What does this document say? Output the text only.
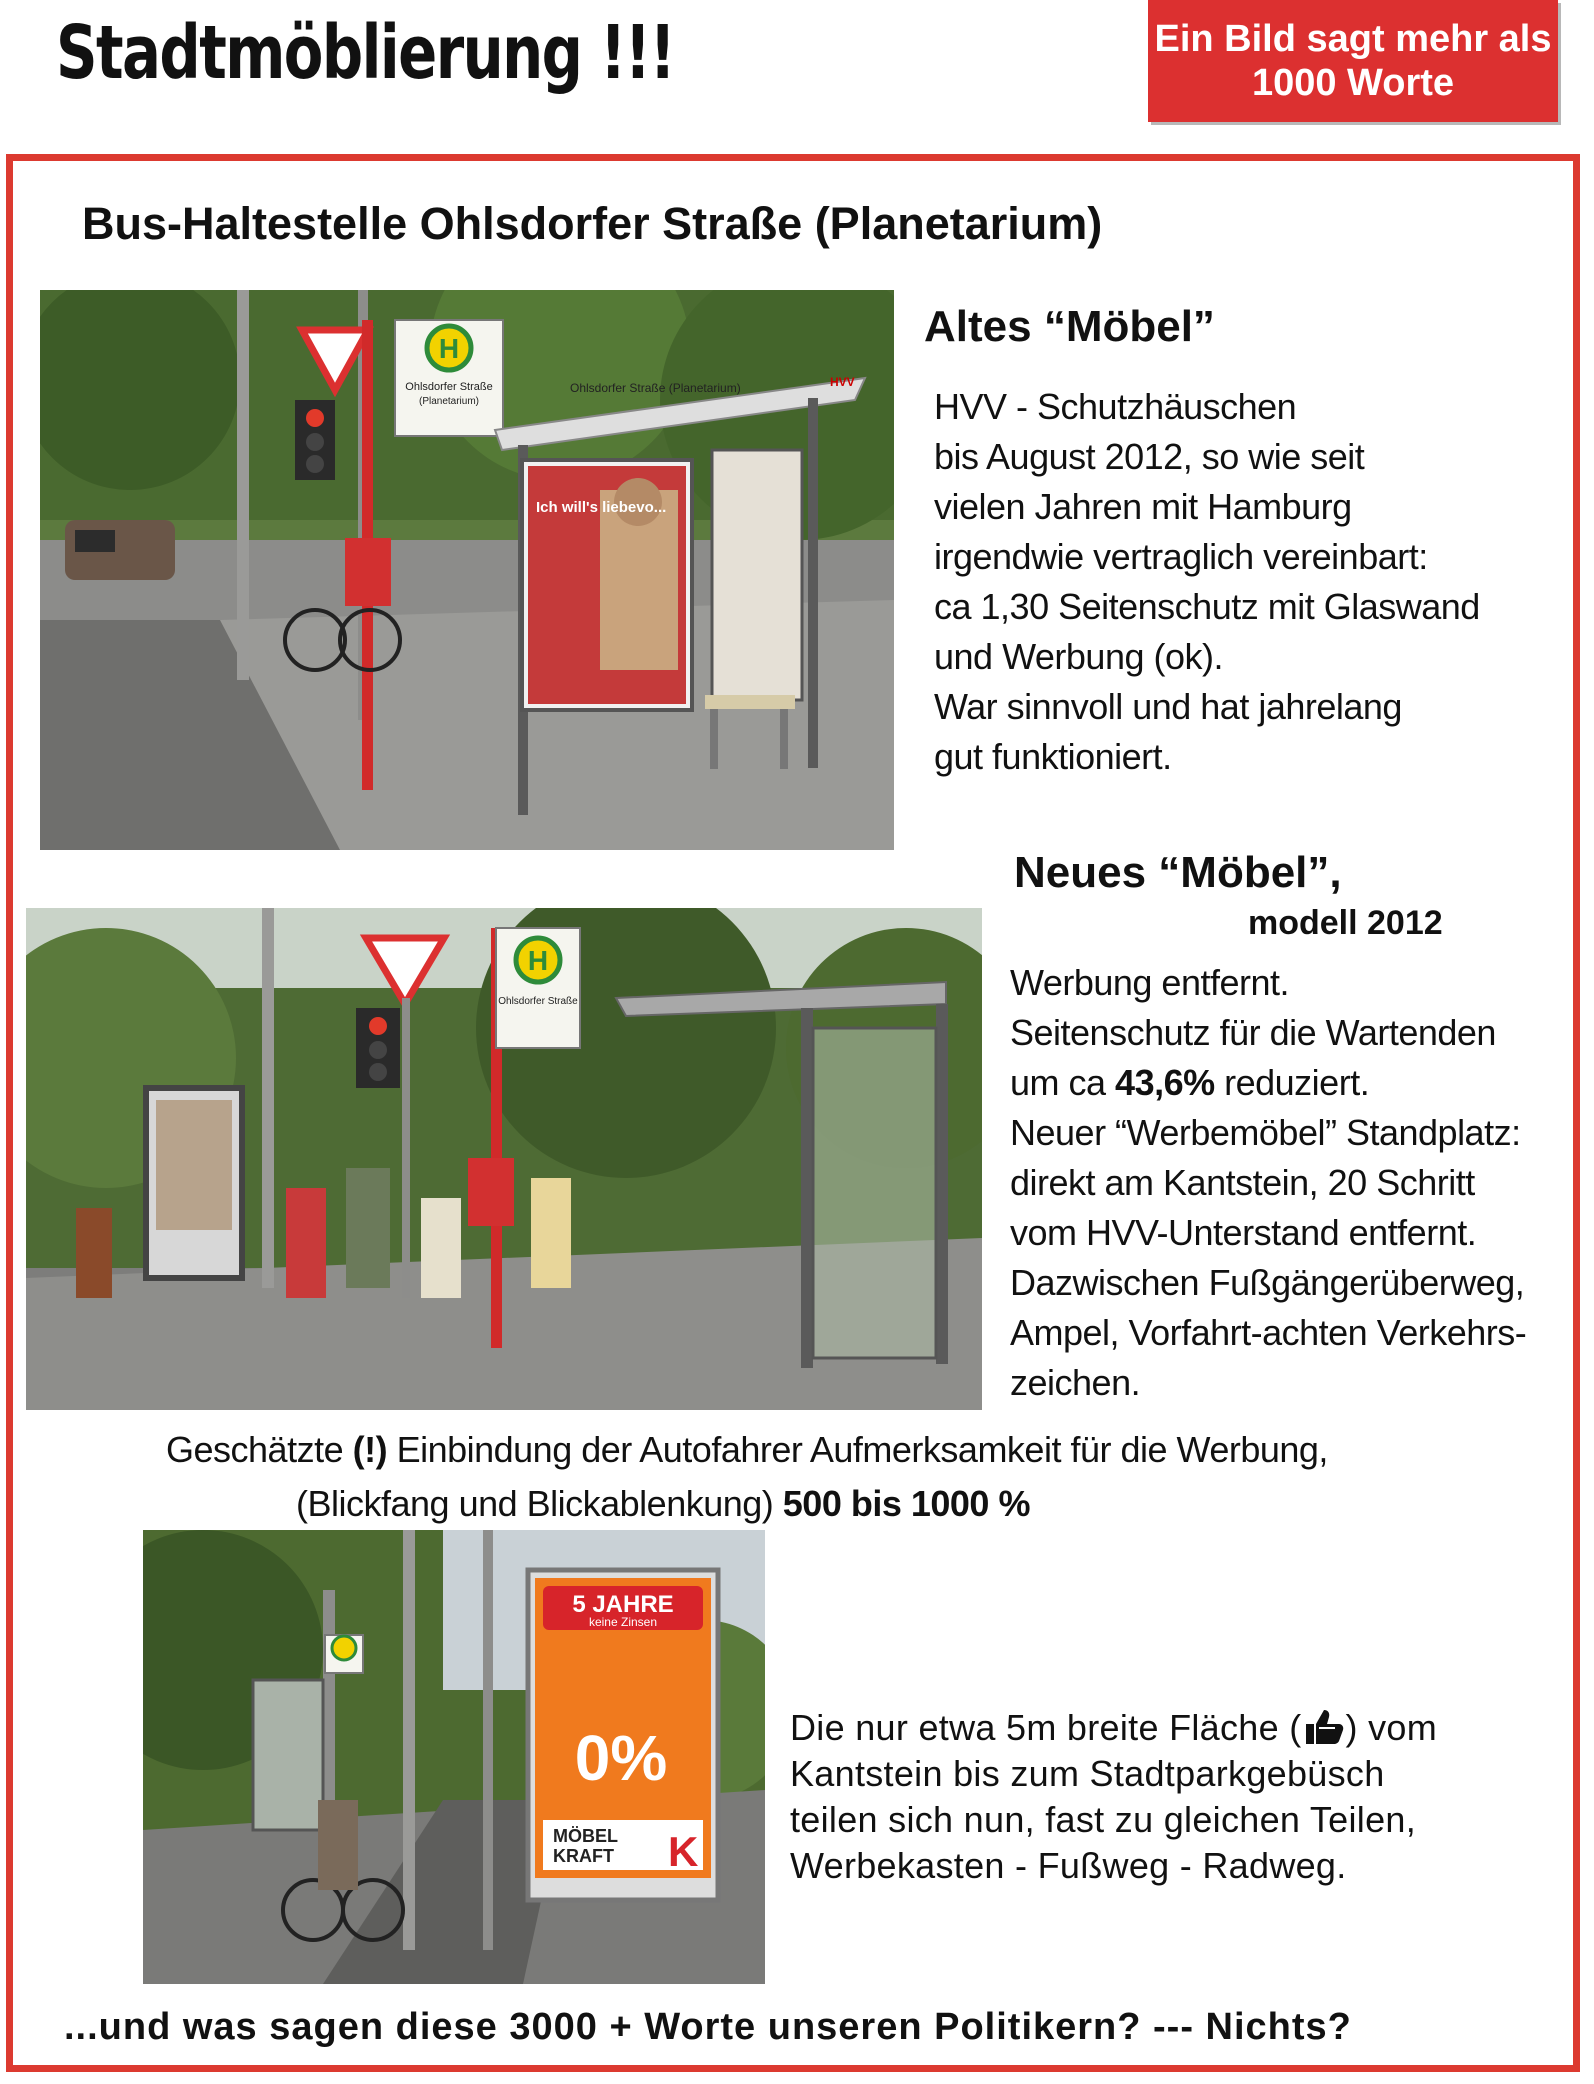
Stadtmöblierung !!!	Ein Bild sagt mehr als
1000 Worte
Bus-Haltestelle Ohlsdorfer Straße (Planetarium)
H
Ohlsdorfer Straße
(Planetarium)
Ohlsdorfer Straße (Planetarium)	HVV
Ich will's liebevo...
Altes “Möbel”
HVV - Schutzhäuschen
bis August 2012, so wie seit
vielen Jahren mit Hamburg
irgendwie vertraglich vereinbart:
ca 1,30 Seitenschutz mit Glaswand
und Werbung (ok).
War sinnvoll und hat jahrelang
gut funktioniert.
H
Ohlsdorfer Straße
Neues “Möbel”,
modell 2012
Werbung entfernt.
Seitenschutz für die Wartenden
um ca 43,6% reduziert.
Neuer “Werbemöbel” Standplatz:
direkt am Kantstein, 20 Schritt
vom HVV-Unterstand entfernt.
Dazwischen Fußgängerüberweg,
Ampel, Vorfahrt-achten Verkehrs-
zeichen.
Geschätzte (!) Einbindung der Autofahrer Aufmerksamkeit für die Werbung,
(Blickfang und Blickablenkung) 500 bis 1000 %
5 JAHRE
keine Zinsen
0%
MÖBEL
KRAFT K
Die nur etwa 5m breite Fläche ( ) vom
Kantstein bis zum Stadtparkgebüsch
teilen sich nun, fast zu gleichen Teilen,
Werbekasten - Fußweg - Radweg.
...und was sagen diese 3000 + Worte unseren Politikern? --- Nichts?
